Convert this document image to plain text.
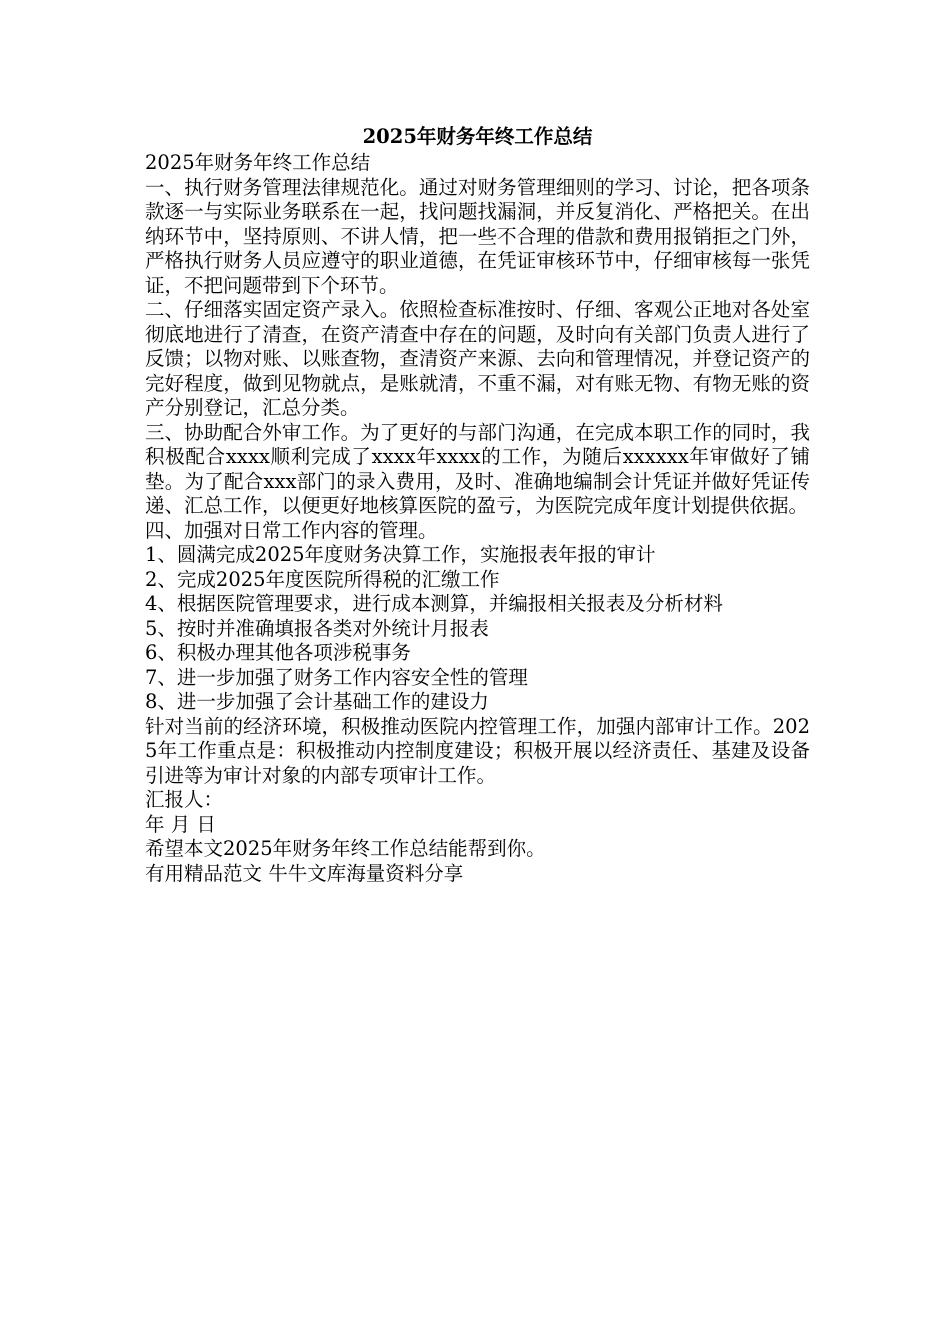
2025年财务年终工作总结

2025年财务年终工作总结

一、执行财务管理法律规范化。通过对财务管理细则的学习、讨论，把各项条款逐一与实际业务联系在一起，找问题找漏洞，并反复消化、严格把关。在出纳环节中，坚持原则、不讲人情，把一些不合理的借款和费用报销拒之门外，严格执行财务人员应遵守的职业道德，在凭证审核环节中，仔细审核每一张凭证，不把问题带到下个环节。

二、仔细落实固定资产录入。依照检查标准按时、仔细、客观公正地对各处室彻底地进行了清查，在资产清查中存在的问题，及时向有关部门负责人进行了反馈；以物对账、以账查物，查清资产来源、去向和管理情况，并登记资产的完好程度，做到见物就点，是账就清，不重不漏，对有账无物、有物无账的资产分别登记，汇总分类。

三、协助配合外审工作。为了更好的与部门沟通，在完成本职工作的同时，我积极配合xxxx顺利完成了xxxx年xxxx的工作，为随后xxxxxx年审做好了铺垫。为了配合xxx部门的录入费用，及时、准确地编制会计凭证并做好凭证传递、汇总工作，以便更好地核算医院的盈亏，为医院完成年度计划提供依据。

四、加强对日常工作内容的管理。

1、圆满完成2025年度财务决算工作，实施报表年报的审计

2、完成2025年度医院所得税的汇缴工作

4、根据医院管理要求，进行成本测算，并编报相关报表及分析材料

5、按时并准确填报各类对外统计月报表

6、积极办理其他各项涉税事务

7、进一步加强了财务工作内容安全性的管理

8、进一步加强了会计基础工作的建设力

针对当前的经济环境，积极推动医院内控管理工作，加强内部审计工作。2025年工作重点是：积极推动内控制度建设；积极开展以经济责任、基建及设备引进等为审计对象的内部专项审计工作。

汇报人：

年 月 日

希望本文2025年财务年终工作总结能帮到你。

有用精品范文 牛牛文库海量资料分享
